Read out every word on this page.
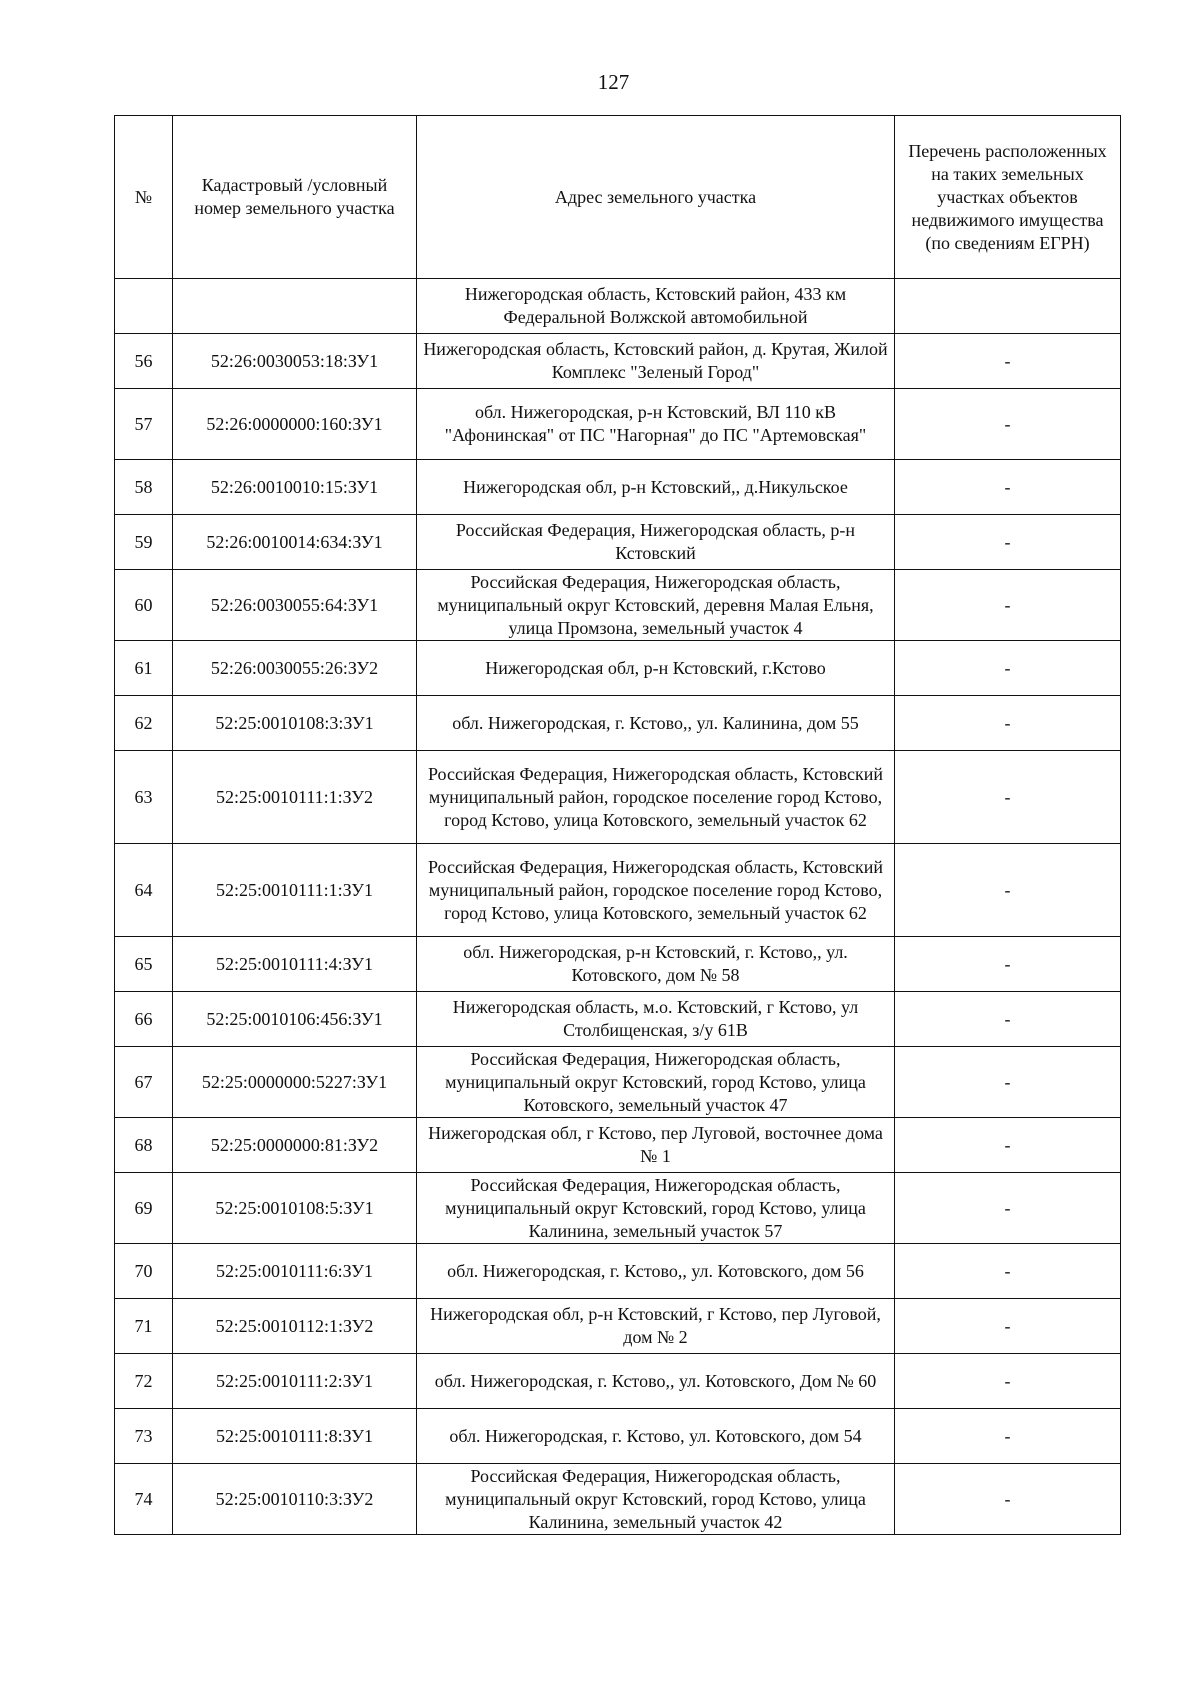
127
№	Кадастровый /условный номер земельного участка	Адрес земельного участка	Перечень расположенных на таких земельных участках объектов недвижимого имущества (по сведениям ЕГРН)
		Нижегородская область, Кстовский район, 433 км Федеральной Волжской автомобильной	
56	52:26:0030053:18:ЗУ1	Нижегородская область, Кстовский район, д. Крутая, Жилой Комплекс "Зеленый Город"	-
57	52:26:0000000:160:ЗУ1	обл. Нижегородская, р-н Кстовский, ВЛ 110 кВ "Афонинская" от ПС "Нагорная" до ПС "Артемовская"	-
58	52:26:0010010:15:ЗУ1	Нижегородская обл, р-н Кстовский,, д.Никульское	-
59	52:26:0010014:634:ЗУ1	Российская Федерация, Нижегородская область, р-н Кстовский	-
60	52:26:0030055:64:ЗУ1	Российская Федерация, Нижегородская область, муниципальный округ Кстовский, деревня Малая Ельня, улица Промзона, земельный участок 4	-
61	52:26:0030055:26:ЗУ2	Нижегородская обл, р-н Кстовский, г.Кстово	-
62	52:25:0010108:3:ЗУ1	обл. Нижегородская, г. Кстово,, ул. Калинина, дом 55	-
63	52:25:0010111:1:ЗУ2	Российская Федерация, Нижегородская область, Кстовский муниципальный район, городское поселение город Кстово, город Кстово, улица Котовского, земельный участок 62	-
64	52:25:0010111:1:ЗУ1	Российская Федерация, Нижегородская область, Кстовский муниципальный район, городское поселение город Кстово, город Кстово, улица Котовского, земельный участок 62	-
65	52:25:0010111:4:ЗУ1	обл. Нижегородская, р-н Кстовский, г. Кстово,, ул. Котовского, дом № 58	-
66	52:25:0010106:456:ЗУ1	Нижегородская область, м.о. Кстовский, г Кстово, ул Столбищенская, з/у 61В	-
67	52:25:0000000:5227:ЗУ1	Российская Федерация, Нижегородская область, муниципальный округ Кстовский, город Кстово, улица Котовского, земельный участок 47	-
68	52:25:0000000:81:ЗУ2	Нижегородская обл, г Кстово, пер Луговой, восточнее дома № 1	-
69	52:25:0010108:5:ЗУ1	Российская Федерация, Нижегородская область, муниципальный округ Кстовский, город Кстово, улица Калинина, земельный участок 57	-
70	52:25:0010111:6:ЗУ1	обл. Нижегородская, г. Кстово,, ул. Котовского, дом 56	-
71	52:25:0010112:1:ЗУ2	Нижегородская обл, р-н Кстовский, г Кстово, пер Луговой, дом № 2	-
72	52:25:0010111:2:ЗУ1	обл. Нижегородская, г. Кстово,, ул. Котовского, Дом № 60	-
73	52:25:0010111:8:ЗУ1	обл. Нижегородская, г. Кстово, ул. Котовского, дом 54	-
74	52:25:0010110:3:ЗУ2	Российская Федерация, Нижегородская область, муниципальный округ Кстовский, город Кстово, улица Калинина, земельный участок 42	-
